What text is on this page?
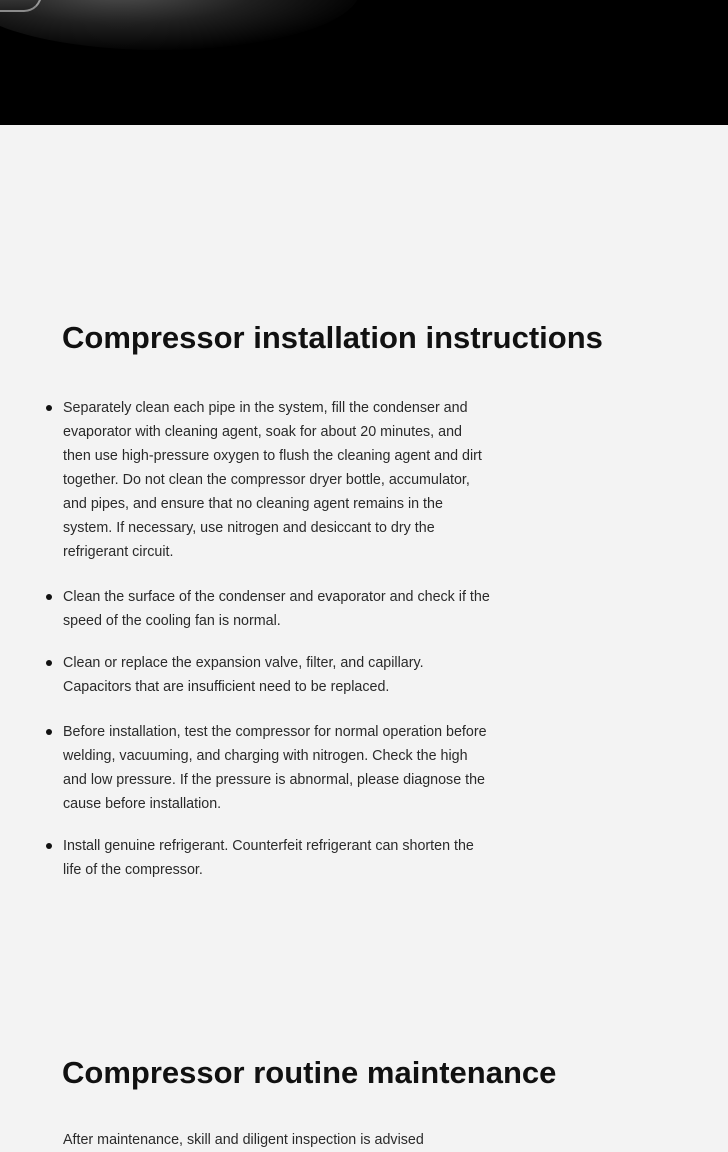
Compressor installation instructions
Separately clean each pipe in the system, fill the condenser and evaporator with cleaning agent, soak for about 20 minutes, and then use high-pressure oxygen to flush the cleaning agent and dirt together. Do not clean the compressor dryer bottle, accumulator, and pipes, and ensure that no cleaning agent remains in the system. If necessary, use nitrogen and desiccant to dry the refrigerant circuit.
Clean the surface of the condenser and evaporator and check if the speed of the cooling fan is normal.
Clean or replace the expansion valve, filter, and capillary. Capacitors that are insufficient need to be replaced.
Before installation, test the compressor for normal operation before welding, vacuuming, and charging with nitrogen. Check the high and low pressure. If the pressure is abnormal, please diagnose the cause before installation.
Install genuine refrigerant. Counterfeit refrigerant can shorten the life of the compressor.
Compressor routine maintenance
After maintenance, skill and diligent inspection is advised
